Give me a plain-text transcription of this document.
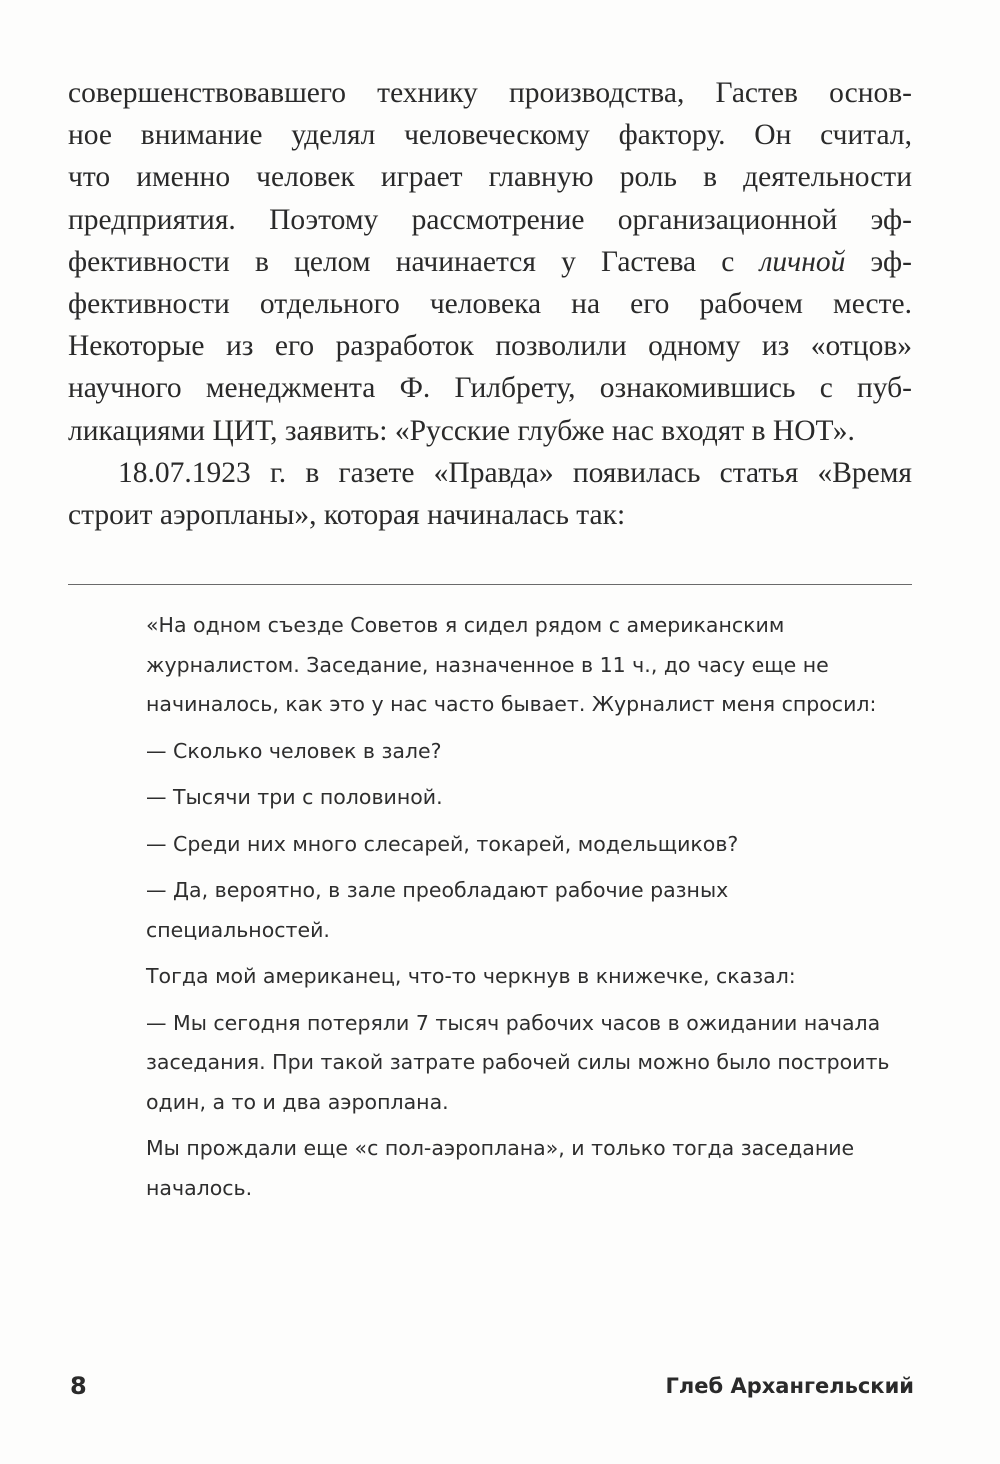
совершенствовавшего технику производства, Гастев основ-
ное внимание уделял человеческому фактору. Он считал,
что именно человек играет главную роль в деятельности
предприятия. Поэтому рассмотрение организационной эф-
фективности в целом начинается у Гастева с личной эф-
фективности отдельного человека на его рабочем месте.
Некоторые из его разработок позволили одному из «отцов»
научного менеджмента Ф. Гилбрету, ознакомившись с пуб-
ликациями ЦИТ, заявить: «Русские глубже нас входят в НОТ».
18.07.1923 г. в газете «Правда» появилась статья «Время
строит аэропланы», которая начиналась так:

«На одном съезде Советов я сидел рядом с американским журналистом. Заседание, назначенное в 11 ч., до часу еще не начиналось, как это у нас часто бывает. Журналист меня спросил:

— Сколько человек в зале?

— Тысячи три с половиной.

— Среди них много слесарей, токарей, модельщиков?

— Да, вероятно, в зале преобладают рабочие разных специальностей.

Тогда мой американец, что-то черкнув в книжечке, сказал:

— Мы сегодня потеряли 7 тысяч рабочих часов в ожидании начала заседания. При такой затрате рабочей силы можно было построить один, а то и два аэроплана.

Мы прождали еще «с пол-аэроплана», и только тогда заседание началось.

8	Глеб Архангельский
